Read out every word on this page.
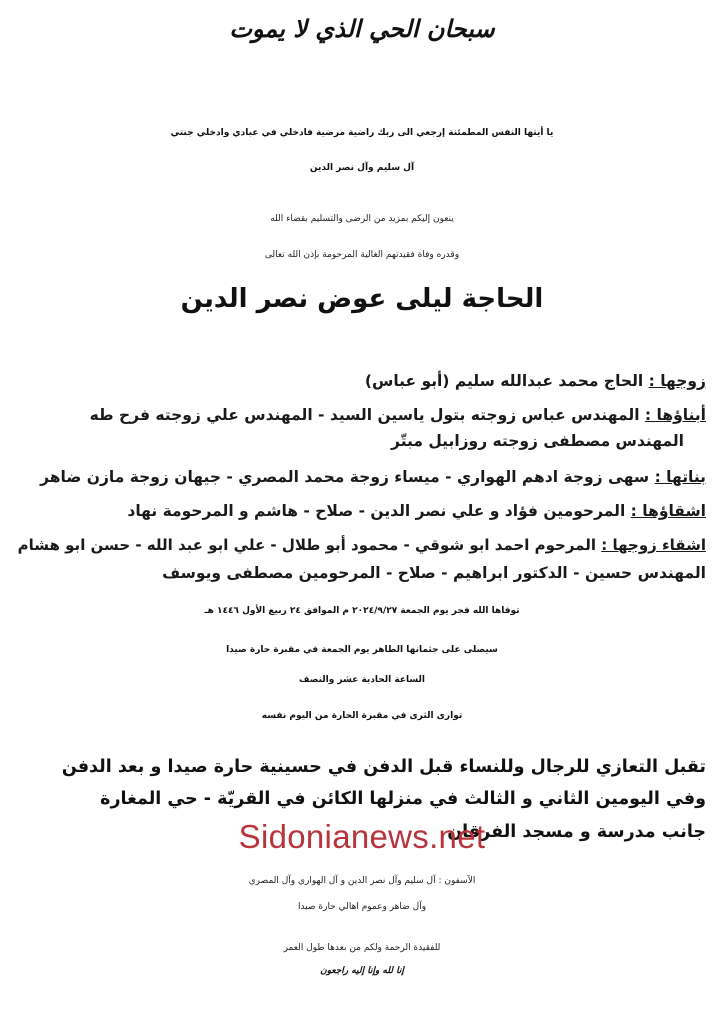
سبحان الحي الذي لا يموت
يا أيتها النفس المطمئنة إرجعي الى ربك راضية مرضية فادخلي في عبادي وادخلي جنتي
آل سليم وآل نصر الدين
ينعون إليكم بمزيد من الرضى والتسليم بقضاء الله
وقدره وفاة فقيدتهم الغالية المرحومة بإذن الله تعالى
الحاجة ليلى عوض نصر الدين
زوجها : الحاج محمد عبدالله سليم (أبو عباس)
أبناؤها : المهندس عباس زوجته بتول ياسين السيد - المهندس علي زوجته فرح طه
المهندس مصطفى زوجته روزابيل مبتّر
بناتها : سهى زوجة ادهم الهواري - ميساء زوجة محمد المصري - جيهان زوجة مازن ضاهر
اشقاؤها : المرحومين فؤاد و علي نصر الدين - صلاح - هاشم و المرحومة نهاد
اشقاء زوجها : المرحوم احمد ابو شوقي - محمود أبو طلال - علي ابو عبد الله - حسن ابو هشام
المهندس حسين - الدكتور ابراهيم - صلاح - المرحومين مصطفى ويوسف
توفاها الله فجر يوم الجمعة ٢٠٢٤/٩/٢٧ م الموافق ٢٤ ربيع الأول ١٤٤٦ هـ
سيصلى على جثمانها الطاهر يوم الجمعة في مقبرة حارة صيدا
الساعة الحادية عشر والنصف
توارى الثرى في مقبرة الحارة من اليوم نفسه
تقبل التعازي للرجال وللنساء قبل الدفن في حسينية حارة صيدا و بعد الدفن
وفي اليومين الثاني و الثالث في منزلها الكائن في القريّة - حي المغارة
جانب مدرسة و مسجد الفرقان
Sidonianews.net
الآسفون : آل سليم وآل نصر الدين و آل الهواري وآل المصري
وآل ضاهر وعموم اهالي حارة صيدا
للفقيدة الرحمة ولكم من بعدها طول العمر
إنا لله وإنا إليه راجعون
